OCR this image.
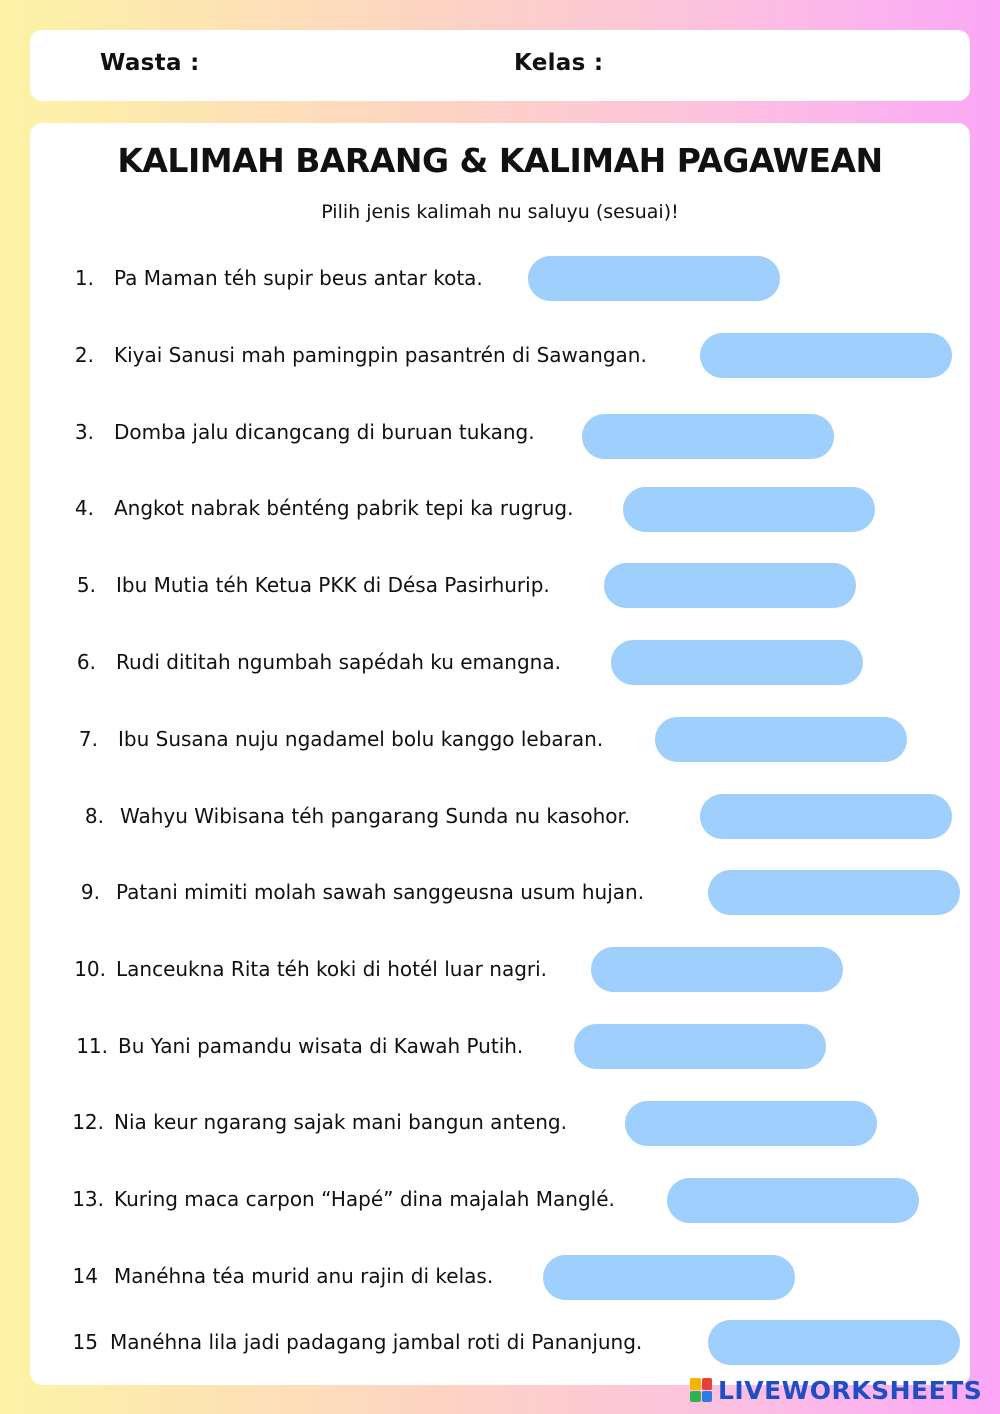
Wasta :	Kelas :
KALIMAH BARANG & KALIMAH PAGAWEAN
Pilih jenis kalimah nu saluyu (sesuai)!
1. Pa Maman téh supir beus antar kota.
2. Kiyai Sanusi mah pamingpin pasantrén di Sawangan.
3. Domba jalu dicangcang di buruan tukang.
4. Angkot nabrak bénténg pabrik tepi ka rugrug.
5. Ibu Mutia téh Ketua PKK di Désa Pasirhurip.
6. Rudi dititah ngumbah sapédah ku emangna.
7. Ibu Susana nuju ngadamel bolu kanggo lebaran.
8. Wahyu Wibisana téh pangarang Sunda nu kasohor.
9. Patani mimiti molah sawah sanggeusna usum hujan.
10. Lanceukna Rita téh koki di hotél luar nagri.
11. Bu Yani pamandu wisata di Kawah Putih.
12. Nia keur ngarang sajak mani bangun anteng.
13. Kuring maca carpon “Hapé” dina majalah Manglé.
14 Manéhna téa murid anu rajin di kelas.
15 Manéhna lila jadi padagang jambal roti di Pananjung.
LIVEWORKSHEETS
